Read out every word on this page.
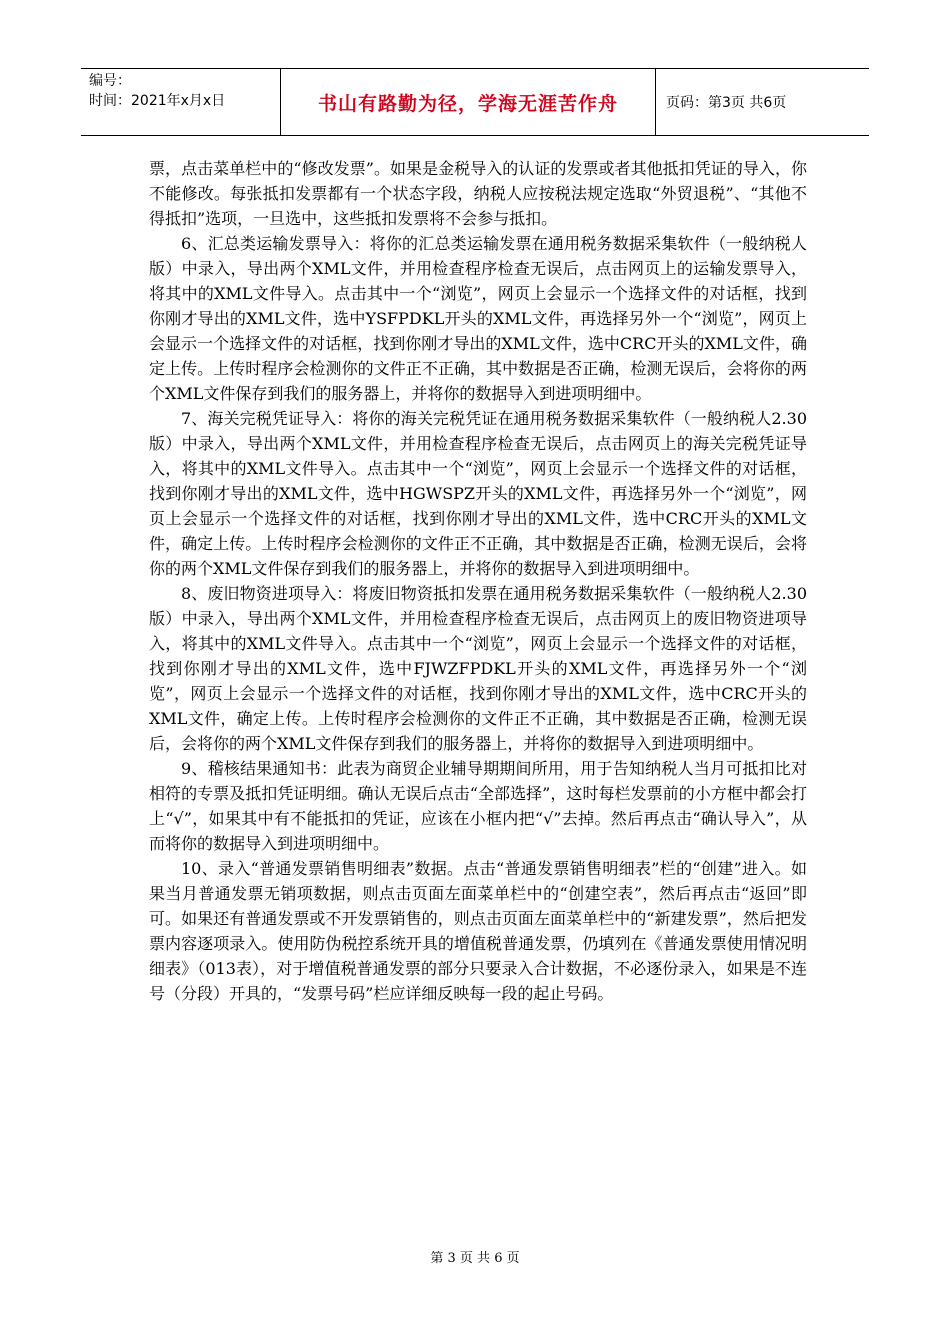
编号：
时间：2021年x月x日	书山有路勤为径，学海无涯苦作舟	页码：第3页 共6页

票，点击菜单栏中的“修改发票”。如果是金税导入的认证的发票或者其他抵扣凭证的导入，你不能修改。每张抵扣发票都有一个状态字段，纳税人应按税法规定选取“外贸退税”、“其他不得抵扣”选项，一旦选中，这些抵扣发票将不会参与抵扣。

6、汇总类运输发票导入：将你的汇总类运输发票在通用税务数据采集软件（一般纳税人版）中录入，导出两个XML文件，并用检查程序检查无误后，点击网页上的运输发票导入，将其中的XML文件导入。点击其中一个“浏览”，网页上会显示一个选择文件的对话框，找到你刚才导出的XML文件，选中YSFPDKL开头的XML文件，再选择另外一个“浏览”，网页上会显示一个选择文件的对话框，找到你刚才导出的XML文件，选中CRC开头的XML文件，确定上传。上传时程序会检测你的文件正不正确，其中数据是否正确，检测无误后，会将你的两个XML文件保存到我们的服务器上，并将你的数据导入到进项明细中。

7、海关完税凭证导入：将你的海关完税凭证在通用税务数据采集软件（一般纳税人2.30版）中录入，导出两个XML文件，并用检查程序检查无误后，点击网页上的海关完税凭证导入，将其中的XML文件导入。点击其中一个“浏览”，网页上会显示一个选择文件的对话框，找到你刚才导出的XML文件，选中HGWSPZ开头的XML文件，再选择另外一个“浏览”，网页上会显示一个选择文件的对话框，找到你刚才导出的XML文件，选中CRC开头的XML文件，确定上传。上传时程序会检测你的文件正不正确，其中数据是否正确，检测无误后，会将你的两个XML文件保存到我们的服务器上，并将你的数据导入到进项明细中。

8、废旧物资进项导入：将废旧物资抵扣发票在通用税务数据采集软件（一般纳税人2.30版）中录入，导出两个XML文件，并用检查程序检查无误后，点击网页上的废旧物资进项导入，将其中的XML文件导入。点击其中一个“浏览”，网页上会显示一个选择文件的对话框，找到你刚才导出的XML文件，选中FJWZFPDKL开头的XML文件，再选择另外一个“浏览”，网页上会显示一个选择文件的对话框，找到你刚才导出的XML文件，选中CRC开头的XML文件，确定上传。上传时程序会检测你的文件正不正确，其中数据是否正确，检测无误后，会将你的两个XML文件保存到我们的服务器上，并将你的数据导入到进项明细中。

9、稽核结果通知书：此表为商贸企业辅导期期间所用，用于告知纳税人当月可抵扣比对相符的专票及抵扣凭证明细。确认无误后点击“全部选择”，这时每栏发票前的小方框中都会打上“√”，如果其中有不能抵扣的凭证，应该在小框内把“√”去掉。然后再点击“确认导入”，从而将你的数据导入到进项明细中。

10、录入“普通发票销售明细表”数据。点击“普通发票销售明细表”栏的“创建”进入。如果当月普通发票无销项数据，则点击页面左面菜单栏中的“创建空表”，然后再点击“返回”即可。如果还有普通发票或不开发票销售的，则点击页面左面菜单栏中的“新建发票”，然后把发票内容逐项录入。使用防伪税控系统开具的增值税普通发票，仍填列在《普通发票使用情况明细表》（013表），对于增值税普通发票的部分只要录入合计数据，不必逐份录入，如果是不连号（分段）开具的，“发票号码”栏应详细反映每一段的起止号码。

第 3 页 共 6 页
